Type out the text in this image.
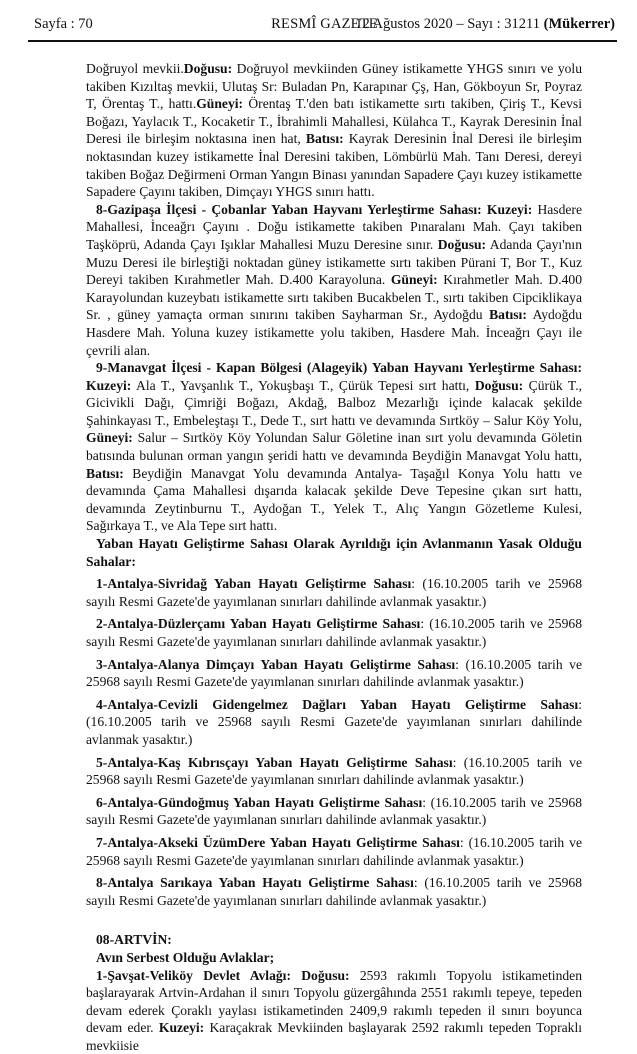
Sayfa : 70	RESMÎ GAZETE
12 Ağustos 2020 – Sayı : 31211 (Mükerrer)

Doğruyol mevkii.Doğusu: Doğruyol mevkiinden Güney istikamette YHGS sınırı ve yolu takiben Kızıltaş mevkii, Ulutaş Sr: Buladan Pn, Karapınar Çş, Han, Gökboyun Sr, Poyraz T, Örentaş T., hattı.Güneyi: Örentaş T.'den batı istikamette sırtı takiben, Çiriş T., Kevsi Boğazı, Yaylacık T., Kocaketir T., İbrahimli Mahallesi, Külahca T., Kayrak Deresinin İnal Deresi ile birleşim noktasına inen hat, Batısı: Kayrak Deresinin İnal Deresi ile birleşim noktasından kuzey istikamette İnal Deresini takiben, Lömbürlü Mah. Tanı Deresi, dereyi takiben Boğaz Değirmeni Orman Yangın Binası yanından Sapadere Çayı kuzey istikamette Sapadere Çayını takiben, Dimçayı YHGS sınırı hattı.

8-Gazipaşa İlçesi - Çobanlar Yaban Hayvanı Yerleştirme Sahası: Kuzeyi: Hasdere Mahallesi, İnceağrı Çayını . Doğu istikamette takiben Pınaralanı Mah. Çayı takiben Taşköprü, Adanda Çayı Işıklar Mahallesi Muzu Deresine sınır. Doğusu: Adanda Çayı'nın Muzu Deresi ile birleştiği noktadan güney istikamette sırtı takiben Pürani T, Bor T., Kuz Dereyi takiben Kırahmetler Mah. D.400 Karayoluna. Güneyi: Kırahmetler Mah. D.400 Karayolundan kuzeybatı istikamette sırtı takiben Bucakbelen T., sırtı takiben Cipciklikaya Sr. , güney yamaçta orman sınırını takiben Sayharman Sr., Aydoğdu Batısı: Aydoğdu Hasdere Mah. Yoluna kuzey istikamette yolu takiben, Hasdere Mah. İnceağrı Çayı ile çevrili alan.

9-Manavgat İlçesi - Kapan Bölgesi (Alageyik) Yaban Hayvanı Yerleştirme Sahası: Kuzeyi: Ala T., Yavşanlık T., Yokuşbaşı T., Çürük Tepesi sırt hattı, Doğusu: Çürük T., Gicivikli Dağı, Çimriği Boğazı, Akdağ, Balboz Mezarlığı içinde kalacak şekilde Şahinkayası T., Embeleştaşı T., Dede T., sırt hattı ve devamında Sırtköy – Salur Köy Yolu, Güneyi: Salur – Sırtköy Köy Yolundan Salur Göletine inan sırt yolu devamında Göletin batısında bulunan orman yangın şeridi hattı ve devamında Beydiğin Manavgat Yolu hattı, Batısı: Beydiğin Manavgat Yolu devamında Antalya- Taşağıl Konya Yolu hattı ve devamında Çama Mahallesi dışarıda kalacak şekilde Deve Tepesine çıkan sırt hattı, devamında Zeytinburnu T., Aydoğan T., Yelek T., Alıç Yangın Gözetleme Kulesi, Sağırkaya T., ve Ala Tepe sırt hattı.

Yaban Hayatı Geliştirme Sahası Olarak Ayrıldığı için Avlanmanın Yasak Olduğu Sahalar:

1-Antalya-Sivridağ Yaban Hayatı Geliştirme Sahası: (16.10.2005 tarih ve 25968 sayılı Resmi Gazete'de yayımlanan sınırları dahilinde avlanmak yasaktır.)

2-Antalya-Düzlerçamı Yaban Hayatı Geliştirme Sahası: (16.10.2005 tarih ve 25968 sayılı Resmi Gazete'de yayımlanan sınırları dahilinde avlanmak yasaktır.)

3-Antalya-Alanya Dimçayı Yaban Hayatı Geliştirme Sahası: (16.10.2005 tarih ve 25968 sayılı Resmi Gazete'de yayımlanan sınırları dahilinde avlanmak yasaktır.)

4-Antalya-Cevizli Gidengelmez Dağları Yaban Hayatı Geliştirme Sahası: (16.10.2005 tarih ve 25968 sayılı Resmi Gazete'de yayımlanan sınırları dahilinde avlanmak yasaktır.)

5-Antalya-Kaş Kıbrısçayı Yaban Hayatı Geliştirme Sahası: (16.10.2005 tarih ve 25968 sayılı Resmi Gazete'de yayımlanan sınırları dahilinde avlanmak yasaktır.)

6-Antalya-Gündoğmuş Yaban Hayatı Geliştirme Sahası: (16.10.2005 tarih ve 25968 sayılı Resmi Gazete'de yayımlanan sınırları dahilinde avlanmak yasaktır.)

7-Antalya-Akseki ÜzümDere Yaban Hayatı Geliştirme Sahası: (16.10.2005 tarih ve 25968 sayılı Resmi Gazete'de yayımlanan sınırları dahilinde avlanmak yasaktır.)

8-Antalya Sarıkaya Yaban Hayatı Geliştirme Sahası: (16.10.2005 tarih ve 25968 sayılı Resmi Gazete'de yayımlanan sınırları dahilinde avlanmak yasaktır.)

08-ARTVİN:

Avın Serbest Olduğu Avlaklar;

1-Şavşat-Veliköy Devlet Avlağı: Doğusu: 2593 rakımlı Topyolu istikametinden başlarayarak Artvin-Ardahan il sınırı Topyolu güzergâhında 2551 rakımlı tepeye, tepeden devam ederek Çoraklı yaylası istikametinden 2409,9 rakımlı tepeden il sınırı boyunca devam eder. Kuzeyi: Karaçakrak Mevkiinden başlayarak 2592 rakımlı tepeden Topraklı mevkiisie
